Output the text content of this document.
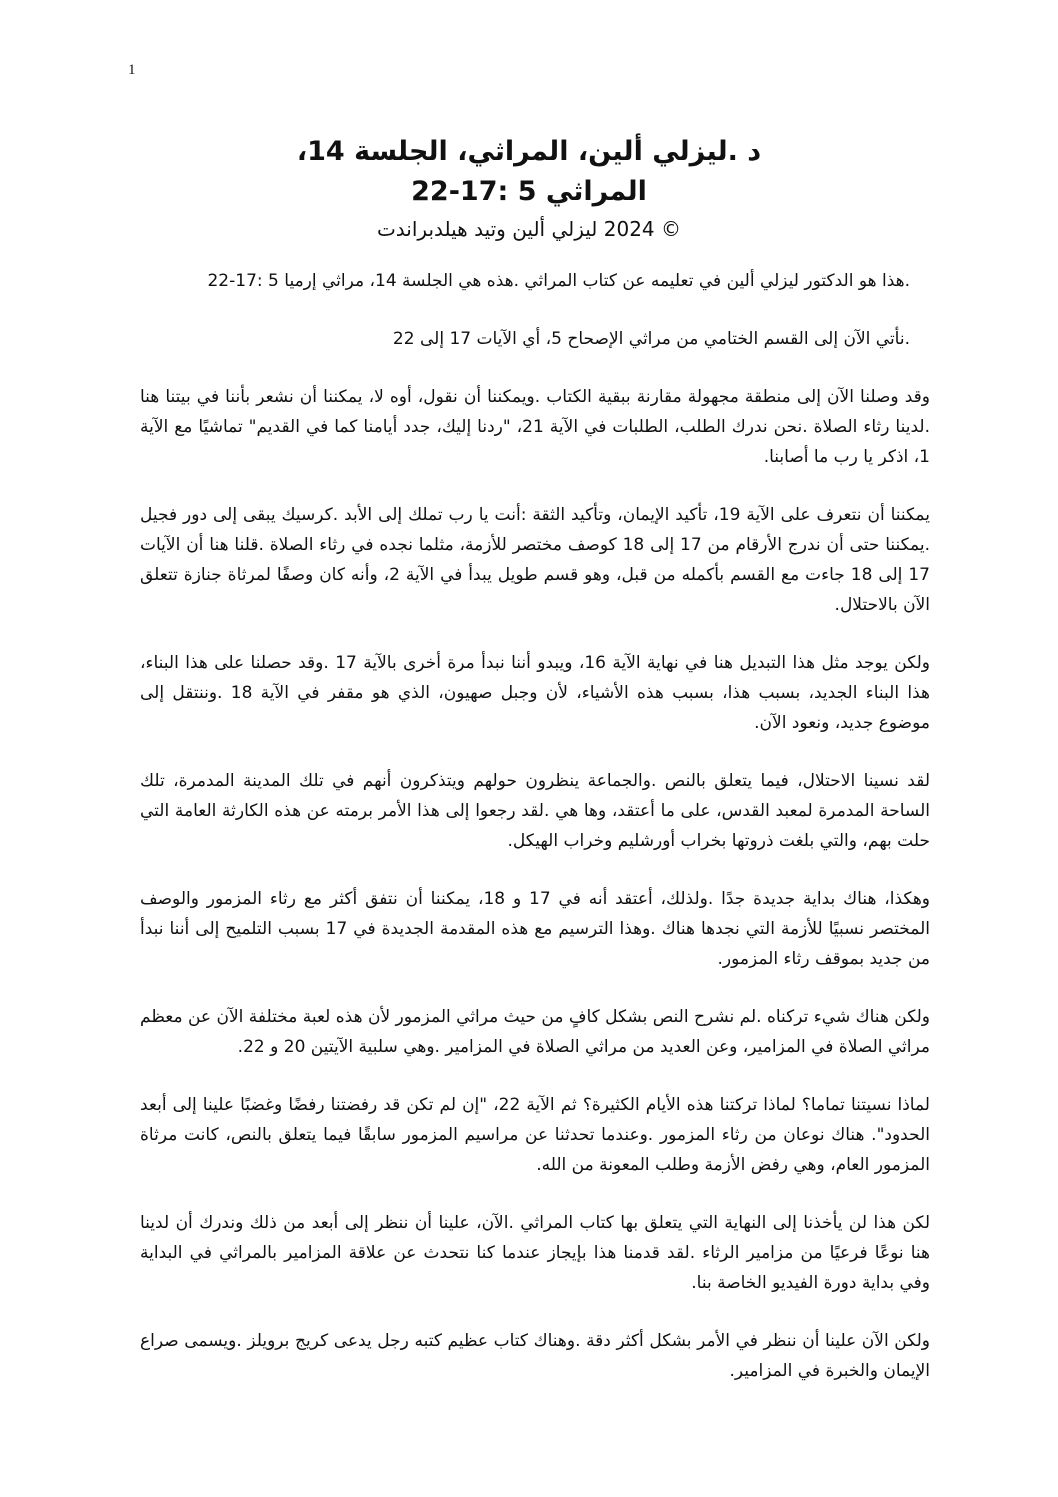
1
د .ليزلي ألين، المراثي، الجلسة 14،
المراثي 5 :17-22
© 2024 ليزلي ألين وتيد هيلدبراندت

.هذا هو الدكتور ليزلي ألين في تعليمه عن كتاب المراثي .هذه هي الجلسة 14، مراثي إرميا 5 :17-22

.نأتي الآن إلى القسم الختامي من مراثي الإصحاح 5، أي الآيات 17 إلى 22

وقد وصلنا الآن إلى منطقة مجهولة مقارنة ببقية الكتاب .ويمكننا أن نقول، أوه لا، يمكننا أن نشعر بأننا في بيتنا هنا .لدينا رثاء الصلاة .نحن ندرك الطلب، الطلبات في الآية 21، "ردنا إليك، جدد أيامنا كما في القديم" تماشيًا مع الآية 1، اذكر يا رب ما أصابنا.

يمكننا أن نتعرف على الآية 19، تأكيد الإيمان، وتأكيد الثقة :أنت يا رب تملك إلى الأبد .كرسيك يبقى إلى دور فجيل .يمكننا حتى أن ندرج الأرقام من 17 إلى 18 كوصف مختصر للأزمة، مثلما نجده في رثاء الصلاة .قلنا هنا أن الآيات 17 إلى 18 جاءت مع القسم بأكمله من قبل، وهو قسم طويل يبدأ في الآية 2، وأنه كان وصفًا لمرثاة جنازة تتعلق الآن بالاحتلال.

ولكن يوجد مثل هذا التبديل هنا في نهاية الآية 16، ويبدو أننا نبدأ مرة أخرى بالآية 17 .وقد حصلنا على هذا البناء، هذا البناء الجديد، بسبب هذا، بسبب هذه الأشياء، لأن وجبل صهيون، الذي هو مقفر في الآية 18 .وننتقل إلى موضوع جديد، ونعود الآن.

لقد نسينا الاحتلال، فيما يتعلق بالنص .والجماعة ينظرون حولهم ويتذكرون أنهم في تلك المدينة المدمرة، تلك الساحة المدمرة لمعبد القدس، على ما أعتقد، وها هي .لقد رجعوا إلى هذا الأمر برمته عن هذه الكارثة العامة التي حلت بهم، والتي بلغت ذروتها بخراب أورشليم وخراب الهيكل.

وهكذا، هناك بداية جديدة جدًا .ولذلك، أعتقد أنه في 17 و 18، يمكننا أن نتفق أكثر مع رثاء المزمور والوصف المختصر نسبيًا للأزمة التي نجدها هناك .وهذا الترسيم مع هذه المقدمة الجديدة في 17 بسبب التلميح إلى أننا نبدأ من جديد بموقف رثاء المزمور.

ولكن هناك شيء تركناه .لم نشرح النص بشكل كافٍ من حيث مراثي المزمور لأن هذه لعبة مختلفة الآن عن معظم مراثي الصلاة في المزامير، وعن العديد من مراثي الصلاة في المزامير .وهي سلبية الآيتين 20 و 22.

لماذا نسيتنا تماما؟ لماذا تركتنا هذه الأيام الكثيرة؟ ثم الآية 22، "إن لم تكن قد رفضتنا رفضًا وغضبًا علينا إلى أبعد الحدود". هناك نوعان من رثاء المزمور .وعندما تحدثنا عن مراسيم المزمور سابقًا فيما يتعلق بالنص، كانت مرثاة المزمور العام، وهي رفض الأزمة وطلب المعونة من الله.

لكن هذا لن يأخذنا إلى النهاية التي يتعلق بها كتاب المراثي .الآن، علينا أن ننظر إلى أبعد من ذلك وندرك أن لدينا هنا نوعًا فرعيًا من مزامير الرثاء .لقد قدمنا هذا بإيجاز عندما كنا نتحدث عن علاقة المزامير بالمراثي في البداية وفي بداية دورة الفيديو الخاصة بنا.

ولكن الآن علينا أن ننظر في الأمر بشكل أكثر دقة .وهناك كتاب عظيم كتبه رجل يدعى كريج برويلز .ويسمى صراع الإيمان والخبرة في المزامير.
